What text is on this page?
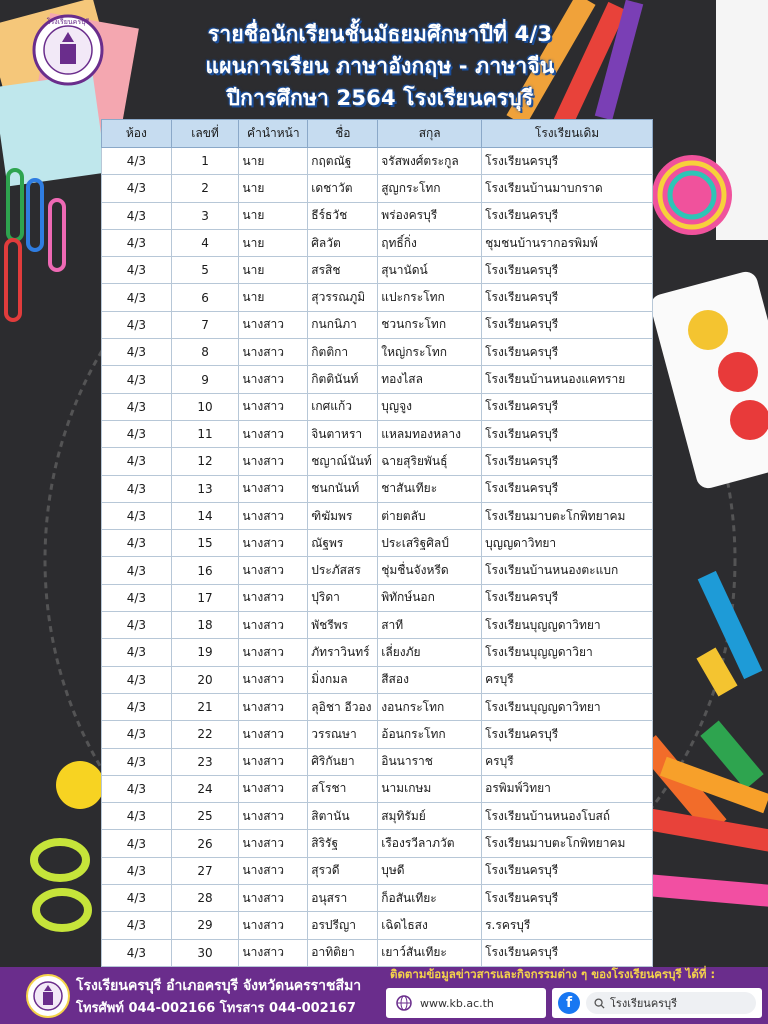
โรงเรียนครบุรี	รายชื่อนักเรียนชั้นมัธยมศึกษาปีที่ 4/3
แผนการเรียน ภาษาอังกฤษ - ภาษาจีน
ปีการศึกษา 2564 โรงเรียนครบุรี
ห้อง	เลขที่	คำนำหน้า	ชื่อ	สกุล	โรงเรียนเดิม
4/3	1	นาย	กฤตณัฐ	จรัสพงศ์ตระกูล	โรงเรียนครบุรี
4/3	2	นาย	เดชาวัต	สูญกระโทก	โรงเรียนบ้านมาบกราด
4/3	3	นาย	ธีร์ธวัช	พร่องครบุรี	โรงเรียนครบุรี
4/3	4	นาย	ศิลวัต	ฤทธิ์กิ่ง	ชุมชนบ้านรากอรพิมพ์
4/3	5	นาย	สรสิช	สุนานัดน์	โรงเรียนครบุรี
4/3	6	นาย	สุวรรณภูมิ	แปะกระโทก	โรงเรียนครบุรี
4/3	7	นางสาว	กนกนิภา	ชวนกระโทก	โรงเรียนครบุรี
4/3	8	นางสาว	กิตติกา	ใหญ่กระโทก	โรงเรียนครบุรี
4/3	9	นางสาว	กิตตินันท์	ทองไสล	โรงเรียนบ้านหนองแคทราย
4/3	10	นางสาว	เกศแก้ว	บุญจูง	โรงเรียนครบุรี
4/3	11	นางสาว	จินตาหรา	แหลมทองหลาง	โรงเรียนครบุรี
4/3	12	นางสาว	ชญาณ์นันท์	ฉายสุริยพันธุ์	โรงเรียนครบุรี
4/3	13	นางสาว	ชนกนันท์	ชาสันเทียะ	โรงเรียนครบุรี
4/3	14	นางสาว	ฑิฆัมพร	ต่ายตลับ	โรงเรียนมาบตะโกพิทยาคม
4/3	15	นางสาว	ณัฐพร	ประเสริฐศิลป์	บุญญดาวิทยา
4/3	16	นางสาว	ประภัสสร	ชุ่มชื่นจังหรีด	โรงเรียนบ้านหนองตะแบก
4/3	17	นางสาว	ปุริดา	พิทักษ์นอก	โรงเรียนครบุรี
4/3	18	นางสาว	พัชรีพร	สาที	โรงเรียนบุญญดาวิทยา
4/3	19	นางสาว	ภัทราวินทร์	เลี่ยงภัย	โรงเรียนบุญญดาวิยา
4/3	20	นางสาว	มิ่งกมล	สีสอง	ครบุรี
4/3	21	นางสาว	ลุอิชา อีวอง	งอนกระโทก	โรงเรียนบุญญดาวิทยา
4/3	22	นางสาว	วรรณษา	อ้อนกระโทก	โรงเรียนครบุรี
4/3	23	นางสาว	ศิริกันยา	อินนาราช	ครบุรี
4/3	24	นางสาว	สโรชา	นามเกษม	อรพิมพ์วิทยา
4/3	25	นางสาว	สิตานัน	สมุทิรัมย์	โรงเรียนบ้านหนองโบสถ์
4/3	26	นางสาว	สิริรัฐ	เรืองรวีลาภวัต	โรงเรียนมาบตะโกพิทยาคม
4/3	27	นางสาว	สุรวดี	บุษดี	โรงเรียนครบุรี
4/3	28	นางสาว	อนุสรา	ก็อสันเทียะ	โรงเรียนครบุรี
4/3	29	นางสาว	อรปรีญา	เฉิดไธสง	ร.รครบุรี
4/3	30	นางสาว	อาทิติยา	เยาว์สันเทียะ	โรงเรียนครบุรี
โรงเรียนครบุรี อำเภอครบุรี จังหวัดนครราชสีมา
โทรศัพท์ 044-002166 โทรสาร 044-002167
ติดตามข้อมูลข่าวสารและกิจกรรมต่าง ๆ ของโรงเรียนครบุรี ได้ที่ :
www.kb.ac.th	f	โรงเรียนครบุรี
